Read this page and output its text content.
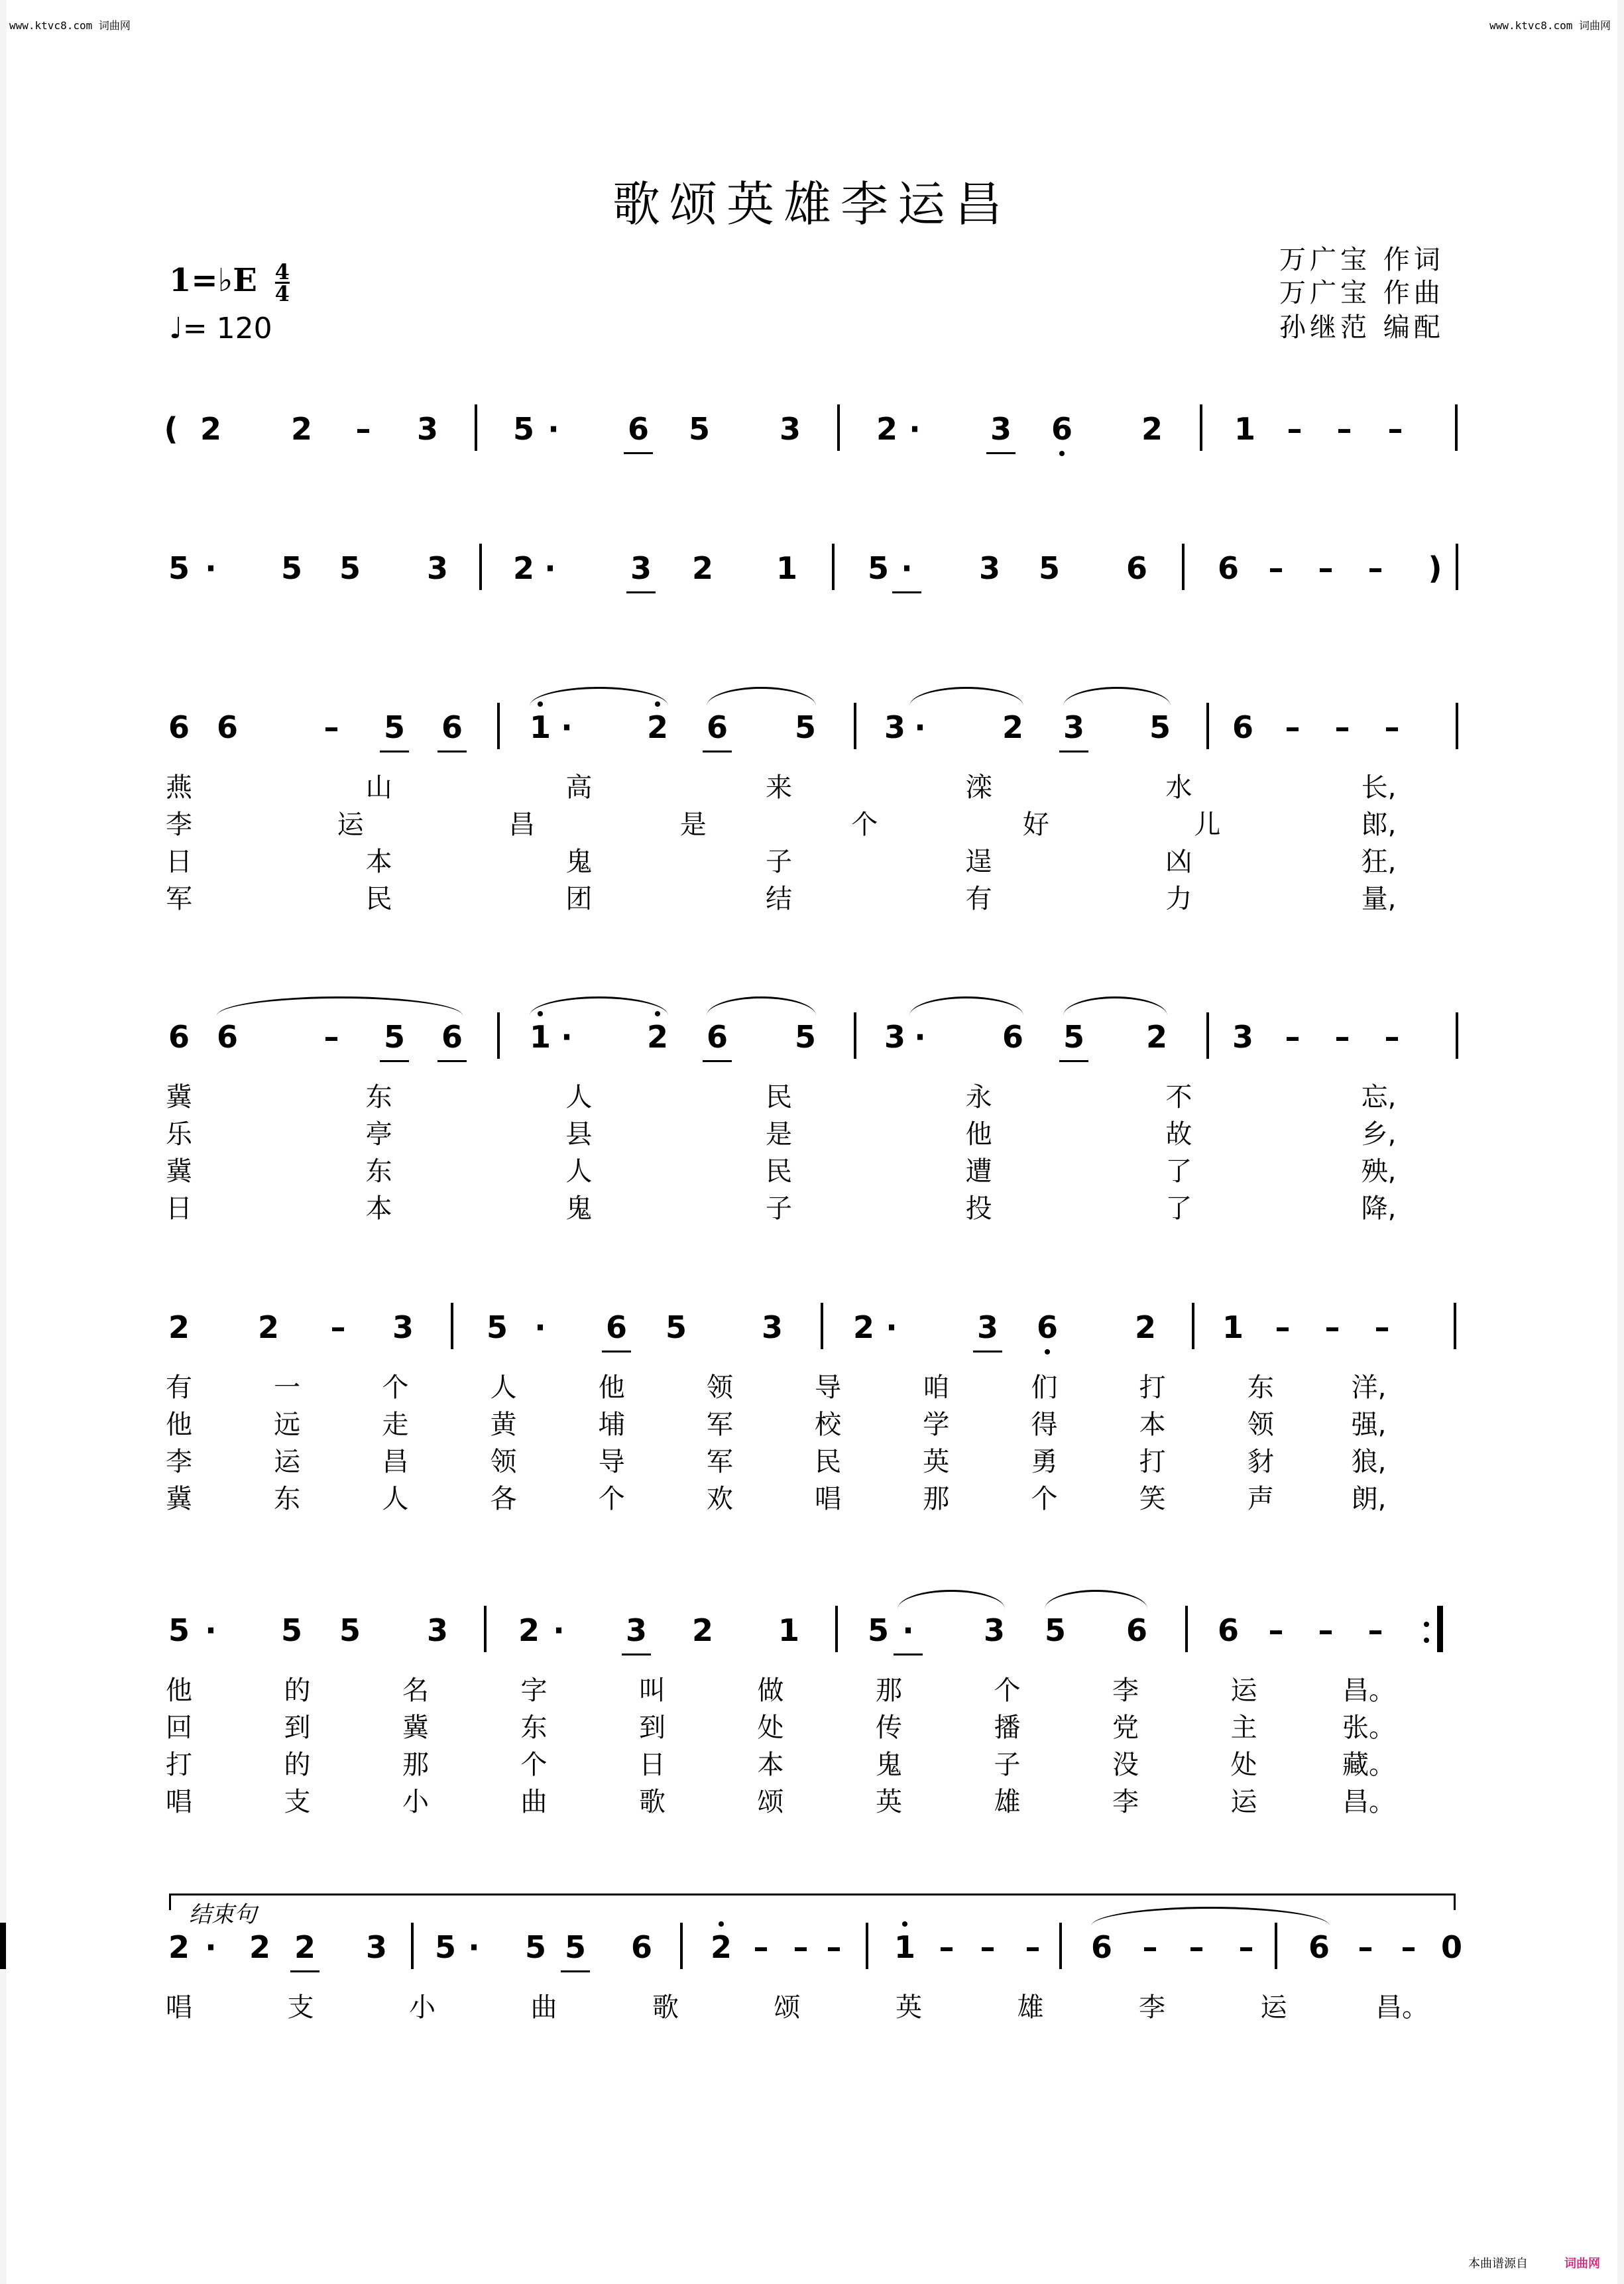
www.ktvc8.com 词曲网	www.ktvc8.com 词曲网
歌颂英雄李运昌
万广宝 作词
万广宝 作曲
孙继范 编配
1=♭E $\frac{4}{4}$
♩= 120
( 2	2	–	3	5 ·	6	5	3	2 ·	3	6	2	1	–	–	–
5 ·	5	5	3	2 ·	3	2	1	5 ·	3	5	6	6 –	–	–	)
6 6	–	5	6	1 ·	2	6	5	3 ·	2	3	5	6	–	–	–
燕	山	高	来	滦	水	长,
李	运	昌	是	个	好	儿	郎,
日	本	鬼	子	逞	凶	狂,
军	民	团	结	有	力	量,
6 6	–	5	6	1 ·	2	6	5	3 ·	6	5	2	3	–	–	–
冀	东	人	民	永	不	忘,
乐	亭	县	是	他	故	乡,
冀	东	人	民	遭	了	殃,
日	本	鬼	子	投	了	降,
2	2	–	3	5 ·	6	5	3	2 ·	3	6	2	1	–	–	–
有	一	个	人	他	领	导	咱	们	打	东	洋,
他	远	走	黄	埔	军	校	学	得	本	领	强,
李	运	昌	领	导	军	民	英	勇	打	豺	狼,
冀	东	人	各	个	欢	唱	那	个	笑	声	朗,
5 ·	5	5	3	2 ·	3	2	1	5 ·	3	5	6	6 –	–	–
他	的	名	字	叫	做	那	个	李	运	昌。
回	到	冀	东	到	处	传	播	党	主	张。
打	的	那	个	日	本	鬼	子	没	处	藏。
唱	支	小	曲	歌	颂	英	雄	李	运	昌。
2 ·	2 2	3	5 ·	5 5	6	2 – – –	1 – – –	6 –	–	–	6 – – 0
唱	支	小	曲	歌	颂	英	雄	李	运	昌。
结束句
本曲谱源自	词曲网
